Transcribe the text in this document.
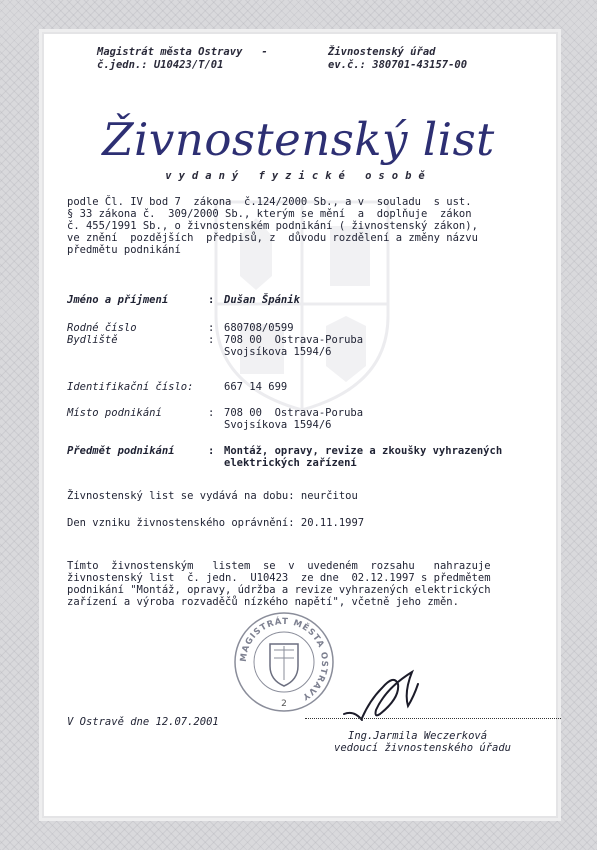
Magistrát města Ostravy   -
č.jedn.: U10423/T/01
Živnostenský úřad
ev.č.: 380701-43157-00
Živnostenský list
vydaný fyzické osobě
podle Čl. IV bod 7  zákona  č.124/2000 Sb., a v  souladu  s ust.
§ 33 zákona č.  309/2000 Sb., kterým se mění  a  doplňuje  zákon
č. 455/1991 Sb., o živnostenském podnikání ( živnostenský zákon),
ve znění  pozdějších  předpisů, z  důvodu rozdělení a změny názvu
předmětu podnikání
Jméno a příjmení	: Dušan Špánik
Rodné číslo	: 680708/0599
Bydliště	: 708 00  Ostrava-Poruba
Svojsíkova 1594/6
Identifikační číslo:	667 14 699
Místo podnikání	: 708 00  Ostrava-Poruba
Svojsíkova 1594/6
Předmět podnikání	: Montáž, opravy, revize a zkoušky vyhrazených
elektrických zařízení
Živnostenský list se vydává na dobu: neurčitou
Den vzniku živnostenského oprávnění: 20.11.1997
Tímto  živnostenským   listem  se  v  uvedeném  rozsahu   nahrazuje
živnostenský list  č. jedn.  U10423  ze dne  02.12.1997 s předmětem
podnikání "Montáž, opravy, údržba a revize vyhrazených elektrických
zařízení a výroba rozvaděčů nízkého napětí", včetně jeho změn.
MAGISTRÁT MĚSTA OSTRAVY
2
V Ostravě dne 12.07.2001
Ing.Jarmila Weczerková
vedoucí živnostenského úřadu
